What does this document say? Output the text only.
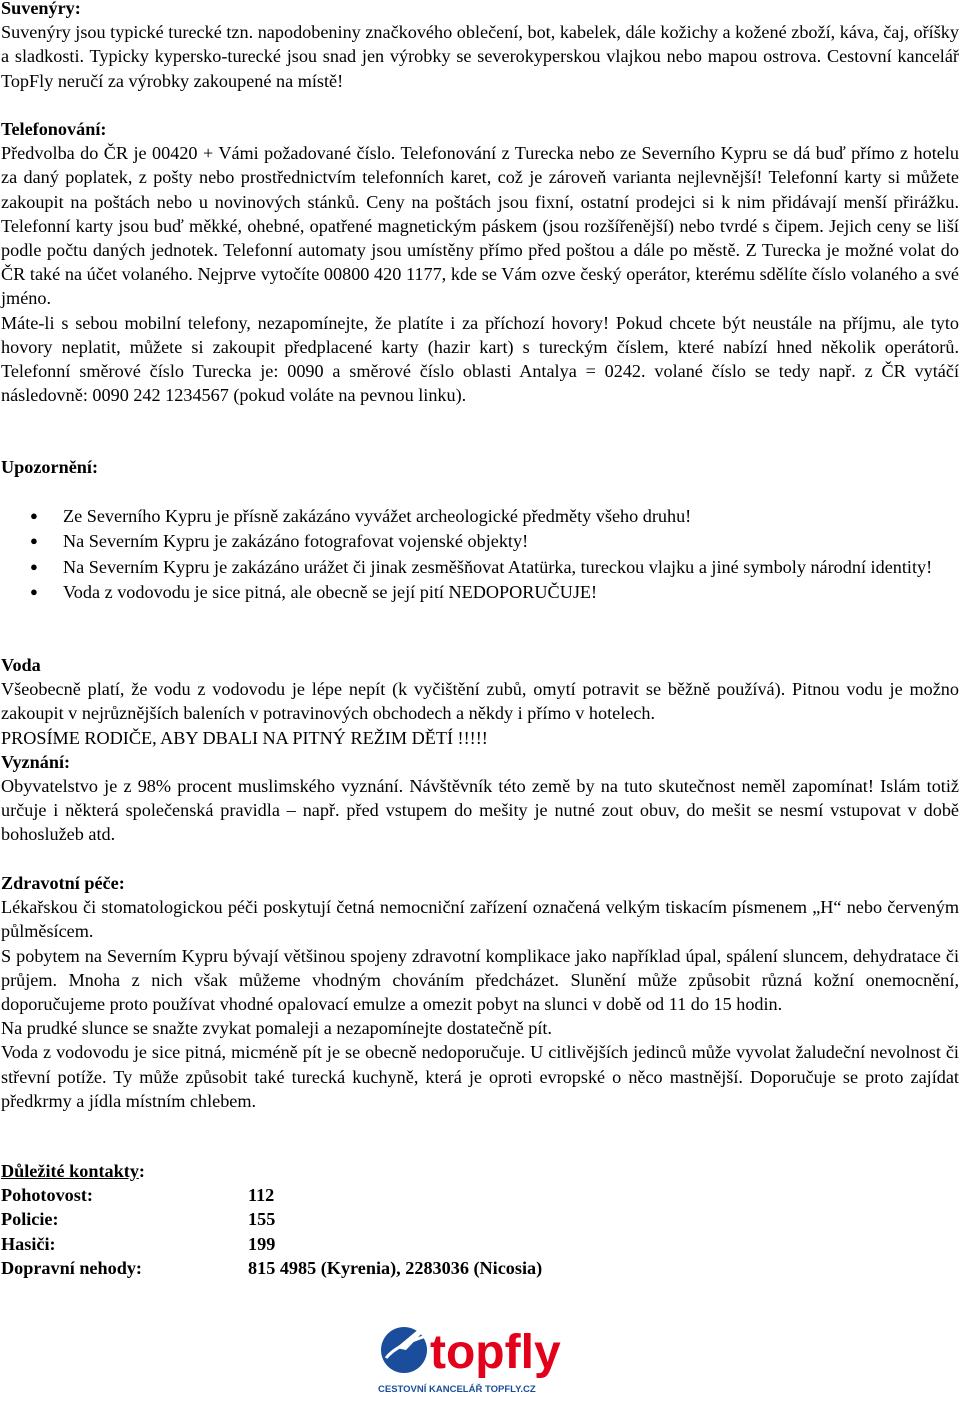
Suvenýry:

Suvenýry jsou typické turecké tzn. napodobeniny značkového oblečení, bot, kabelek, dále kožichy a kožené zboží, káva, čaj, oříšky a sladkosti. Typicky kypersko-turecké jsou snad jen výrobky se severokyperskou vlajkou nebo mapou ostrova. Cestovní kancelář TopFly neručí za výrobky zakoupené na místě!

Telefonování:

Předvolba do ČR je 00420 + Vámi požadované číslo. Telefonování z Turecka nebo ze Severního Kypru se dá buď přímo z hotelu za daný poplatek, z pošty nebo prostřednictvím telefonních karet, což je zároveň varianta nejlevnější! Telefonní karty si můžete zakoupit na poštách nebo u novinových stánků. Ceny na poštách jsou fixní, ostatní prodejci si k nim přidávají menší přirážku. Telefonní karty jsou buď měkké, ohebné, opatřené magnetickým páskem (jsou rozšířenější) nebo tvrdé s čipem. Jejich ceny se liší podle počtu daných jednotek. Telefonní automaty jsou umístěny přímo před poštou a dále po městě. Z Turecka je možné volat do ČR také na účet volaného. Nejprve vytočíte 00800 420 1177, kde se Vám ozve český operátor, kterému sdělíte číslo volaného a své jméno.

Máte-li s sebou mobilní telefony, nezapomínejte, že platíte i za příchozí hovory! Pokud chcete být neustále na příjmu, ale tyto hovory neplatit, můžete si zakoupit předplacené karty (hazir kart) s tureckým číslem, které nabízí hned několik operátorů. Telefonní směrové číslo Turecka je: 0090 a směrové číslo oblasti Antalya = 0242. volané číslo se tedy např. z ČR vytáčí následovně: 0090 242 1234567 (pokud voláte na pevnou linku).

Upozornění:

● Ze Severního Kypru je přísně zakázáno vyvážet archeologické předměty všeho druhu!
● Na Severním Kypru je zakázáno fotografovat vojenské objekty!
● Na Severním Kypru je zakázáno urážet či jinak zesměšňovat Atatürka, tureckou vlajku a jiné symboly národní identity!
● Voda z vodovodu je sice pitná, ale obecně se její pití NEDOPORUČUJE!

Voda

Všeobecně platí, že vodu z vodovodu je lépe nepít (k vyčištění zubů, omytí potravit se běžně používá). Pitnou vodu je možno zakoupit v nejrůznějších baleních v potravinových obchodech a někdy i přímo v hotelech.

PROSÍME RODIČE, ABY DBALI NA PITNÝ REŽIM DĚTÍ !!!!!

Vyznání:

Obyvatelstvo je z 98% procent muslimského vyznání. Návštěvník této země by na tuto skutečnost neměl zapomínat! Islám totiž určuje i některá společenská pravidla – např. před vstupem do mešity je nutné zout obuv, do mešit se nesmí vstupovat v době bohoslužeb atd.

Zdravotní péče:

Lékařskou či stomatologickou péči poskytují četná nemocniční zařízení označená velkým tiskacím písmenem „H“ nebo červeným půlměsícem.

S pobytem na Severním Kypru bývají většinou spojeny zdravotní komplikace jako například úpal, spálení sluncem, dehydratace či průjem. Mnoha z nich však můžeme vhodným chováním předcházet. Slunění může způsobit různá kožní onemocnění, doporučujeme proto používat vhodné opalovací emulze a omezit pobyt na slunci v době od 11 do 15 hodin.

Na prudké slunce se snažte zvykat pomaleji a nezapomínejte dostatečně pít.

Voda z vodovodu je sice pitná, micméně pít je se obecně nedoporučuje. U citlivějších jedinců může vyvolat žaludeční nevolnost či střevní potíže. Ty může způsobit také turecká kuchyně, která je oproti evropské o něco mastnější. Doporučuje se proto zajídat předkrmy a jídla místním chlebem.

Důležité kontakty:
Pohotovost:	112
Policie:	155
Hasiči:	199
Dopravní nehody:	815 4985 (Kyrenia), 2283036 (Nicosia)
topfly
CESTOVNÍ KANCELÁŘ TOPFLY.CZ
